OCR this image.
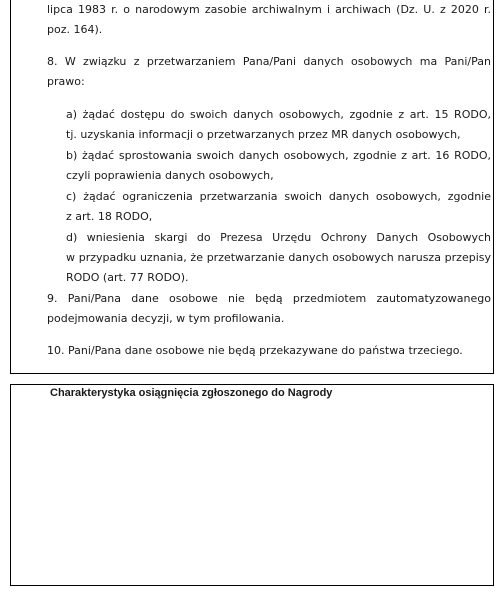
lipca 1983 r. o narodowym zasobie archiwalnym i archiwach (Dz. U. z 2020 r.

poz. 164).

8. W związku z przetwarzaniem Pana/Pani danych osobowych ma Pani/Pan

prawo:

a) żądać dostępu do swoich danych osobowych, zgodnie z art. 15 RODO,

tj. uzyskania informacji o przetwarzanych przez MR danych osobowych,

b) żądać sprostowania swoich danych osobowych, zgodnie z art. 16 RODO,

czyli poprawienia danych osobowych,

c) żądać ograniczenia przetwarzania swoich danych osobowych, zgodnie

z art. 18 RODO,

d) wniesienia skargi do Prezesa Urzędu Ochrony Danych Osobowych

w przypadku uznania, że przetwarzanie danych osobowych narusza przepisy

RODO (art. 77 RODO).

9. Pani/Pana dane osobowe nie będą przedmiotem zautomatyzowanego

podejmowania decyzji, w tym profilowania.

10. Pani/Pana dane osobowe nie będą przekazywane do państwa trzeciego.

Charakterystyka osiągnięcia zgłoszonego do Nagrody
